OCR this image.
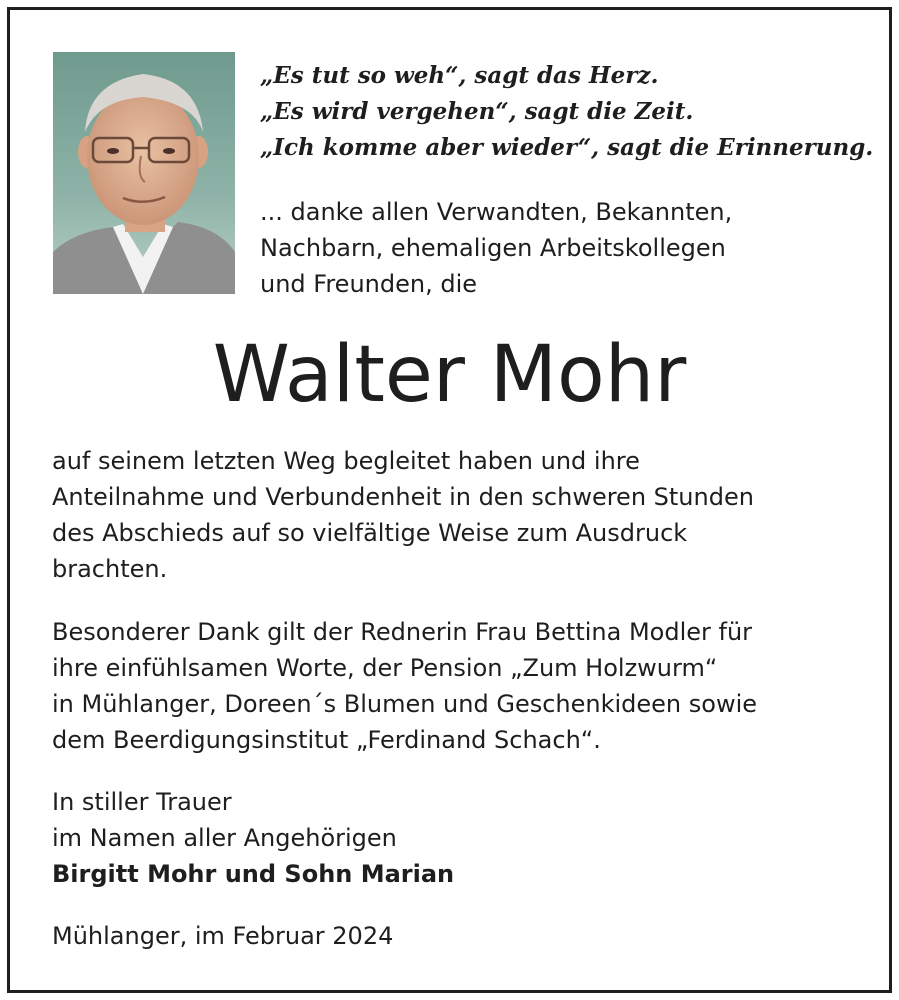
„Es tut so weh“, sagt das Herz.
„Es wird vergehen“, sagt die Zeit.
„Ich komme aber wieder“, sagt die Erinnerung.
... danke allen Verwandten, Bekannten,
Nachbarn, ehemaligen Arbeitskollegen
und Freunden, die
Walter Mohr
auf seinem letzten Weg begleitet haben und ihre
Anteilnahme und Verbundenheit in den schweren Stunden
des Abschieds auf so vielfältige Weise zum Ausdruck
brachten.
Besonderer Dank gilt der Rednerin Frau Bettina Modler für
ihre einfühlsamen Worte, der Pension „Zum Holzwurm“
in Mühlanger, Doreen´s Blumen und Geschenkideen sowie
dem Beerdigungsinstitut „Ferdinand Schach“.
In stiller Trauer
im Namen aller Angehörigen
Birgitt Mohr und Sohn Marian
Mühlanger, im Februar 2024
